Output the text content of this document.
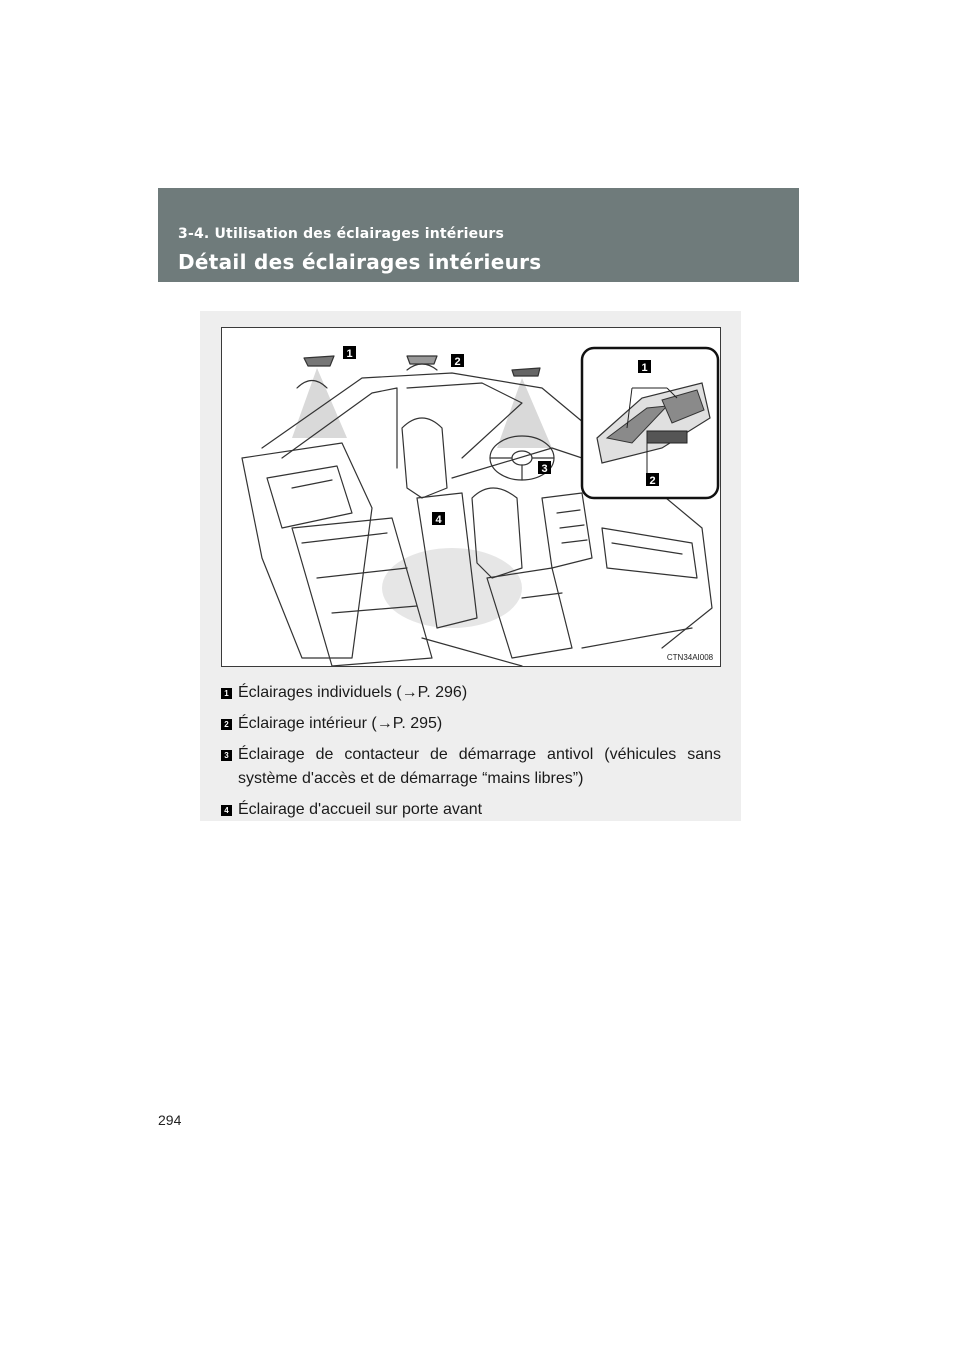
3-4. Utilisation des éclairages intérieurs
Détail des éclairages intérieurs
1
2
3
4
1
2
CTN34AI008
1 Éclairages individuels (→P. 296)
2 Éclairage intérieur (→P. 295)
3 Éclairage de contacteur de démarrage antivol (véhicules sans système d'accès et de démarrage “mains libres”)
4 Éclairage d'accueil sur porte avant
294
